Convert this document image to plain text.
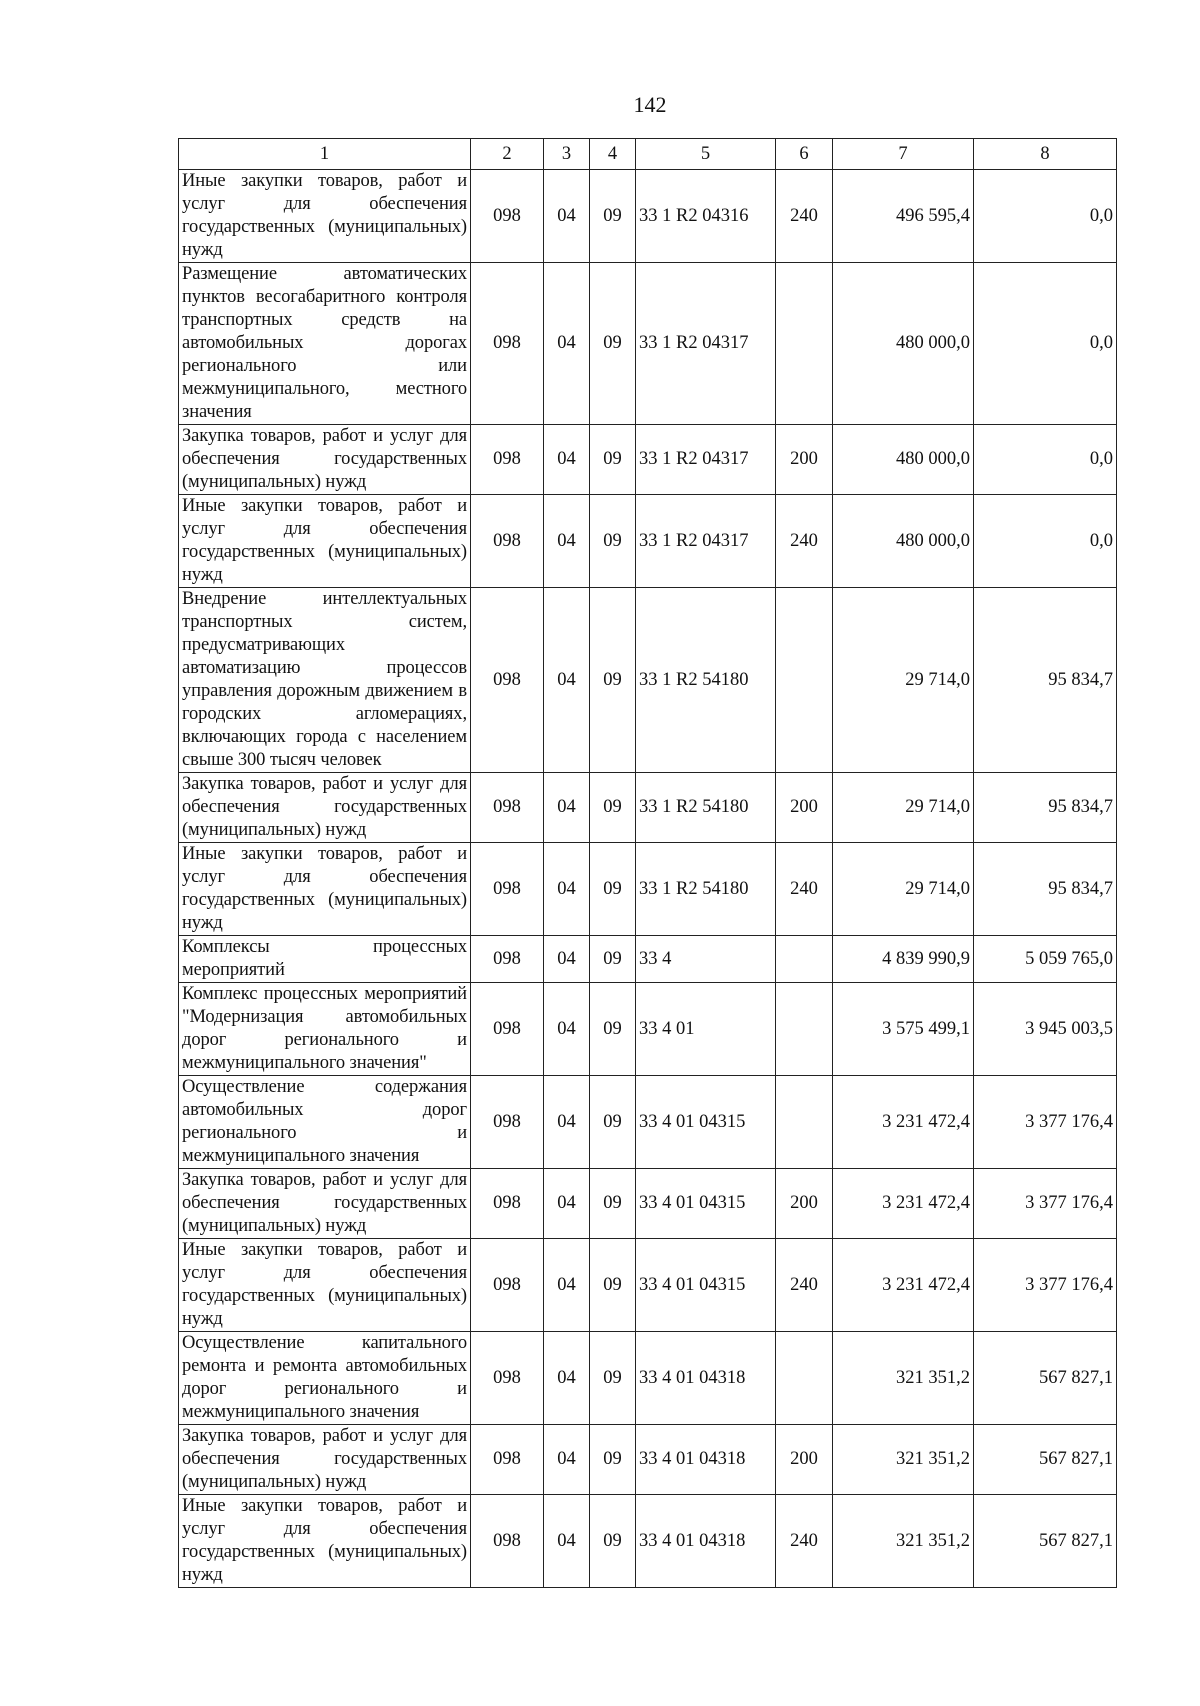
142
1	2	3	4	5	6	7	8
Иные закупки товаров, работ и услуг для обеспечения государственных (муниципальных) нужд	098	04	09	33 1 R2 04316	240	496 595,4	0,0
Размещение автоматических пунктов весогабаритного контроля транспортных средств на автомобильных дорогах регионального или межмуниципального, местного значения	098	04	09	33 1 R2 04317		480 000,0	0,0
Закупка товаров, работ и услуг для обеспечения государственных (муниципальных) нужд	098	04	09	33 1 R2 04317	200	480 000,0	0,0
Иные закупки товаров, работ и услуг для обеспечения государственных (муниципальных) нужд	098	04	09	33 1 R2 04317	240	480 000,0	0,0
Внедрение интеллектуальных транспортных систем, предусматривающих автоматизацию процессов управления дорожным движением в городских агломерациях, включающих города с населением свыше 300 тысяч человек	098	04	09	33 1 R2 54180		29 714,0	95 834,7
Закупка товаров, работ и услуг для обеспечения государственных (муниципальных) нужд	098	04	09	33 1 R2 54180	200	29 714,0	95 834,7
Иные закупки товаров, работ и услуг для обеспечения государственных (муниципальных) нужд	098	04	09	33 1 R2 54180	240	29 714,0	95 834,7
Комплексы процессных мероприятий	098	04	09	33 4		4 839 990,9	5 059 765,0
Комплекс процессных мероприятий "Модернизация автомобильных дорог регионального и межмуниципального значения"	098	04	09	33 4 01		3 575 499,1	3 945 003,5
Осуществление содержания автомобильных дорог регионального и межмуниципального значения	098	04	09	33 4 01 04315		3 231 472,4	3 377 176,4
Закупка товаров, работ и услуг для обеспечения государственных (муниципальных) нужд	098	04	09	33 4 01 04315	200	3 231 472,4	3 377 176,4
Иные закупки товаров, работ и услуг для обеспечения государственных (муниципальных) нужд	098	04	09	33 4 01 04315	240	3 231 472,4	3 377 176,4
Осуществление капитального ремонта и ремонта автомобильных дорог регионального и межмуниципального значения	098	04	09	33 4 01 04318		321 351,2	567 827,1
Закупка товаров, работ и услуг для обеспечения государственных (муниципальных) нужд	098	04	09	33 4 01 04318	200	321 351,2	567 827,1
Иные закупки товаров, работ и услуг для обеспечения государственных (муниципальных) нужд	098	04	09	33 4 01 04318	240	321 351,2	567 827,1
